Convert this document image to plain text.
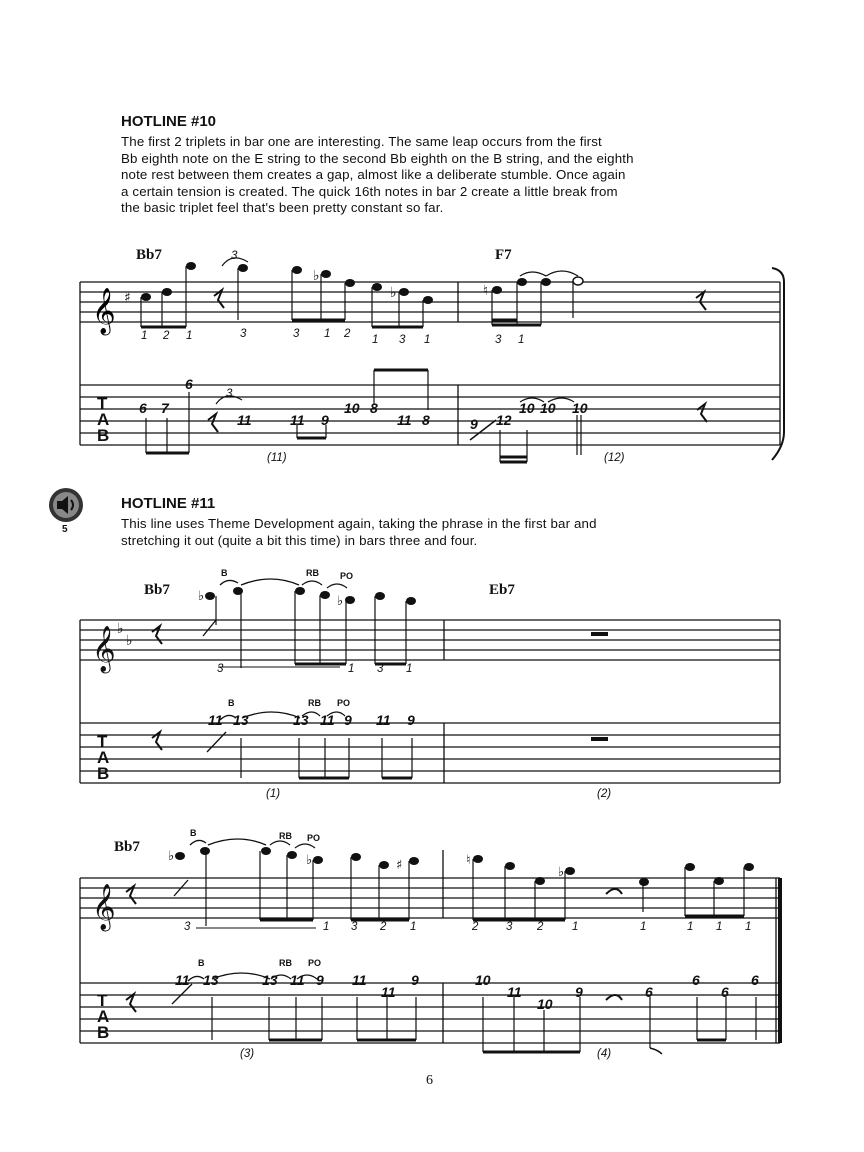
HOTLINE #10

The first 2 triplets in bar one are interesting. The same leap occurs from the first
Bb eighth note on the E string to the second Bb eighth on the B string, and the eighth
note rest between them creates a gap, almost like a deliberate stumble. Once again
a certain tension is created. The quick 16th notes in bar 2 create a little break from
the basic triplet feel that's been pretty constant so far.

Bb7	F7
𝄞 ♯
♭
♭	♮
3
3
1 2 1	3	3 1 2 1 3 1	3 1
T
A
B
6 7
6
11	11 9
10 8
11 8	9 12
10 10 10
(11)	(12)
5
HOTLINE #11

This line uses Theme Development again, taking the phrase in the first bar and
stretching it out (quite a bit this time) in bars three and four.

Bb7	Eb7
𝄞 ♭
♭
♭	♭
𝄞
♭	♭	♯	♮
♭
B	RB PO
3	1 3 1
T
A
B
B	RB PO
11 13	13 11 9 11 9
(1)	(2)
Bb7
B	RB PO
3	1 3 2 1	2 3 2 1	1	1 1 1
T
A
B
B	RB PO
11 13	13 11 9 11
11
9	10
11
10
9	6
6
6
6
(3)	(4)
6
